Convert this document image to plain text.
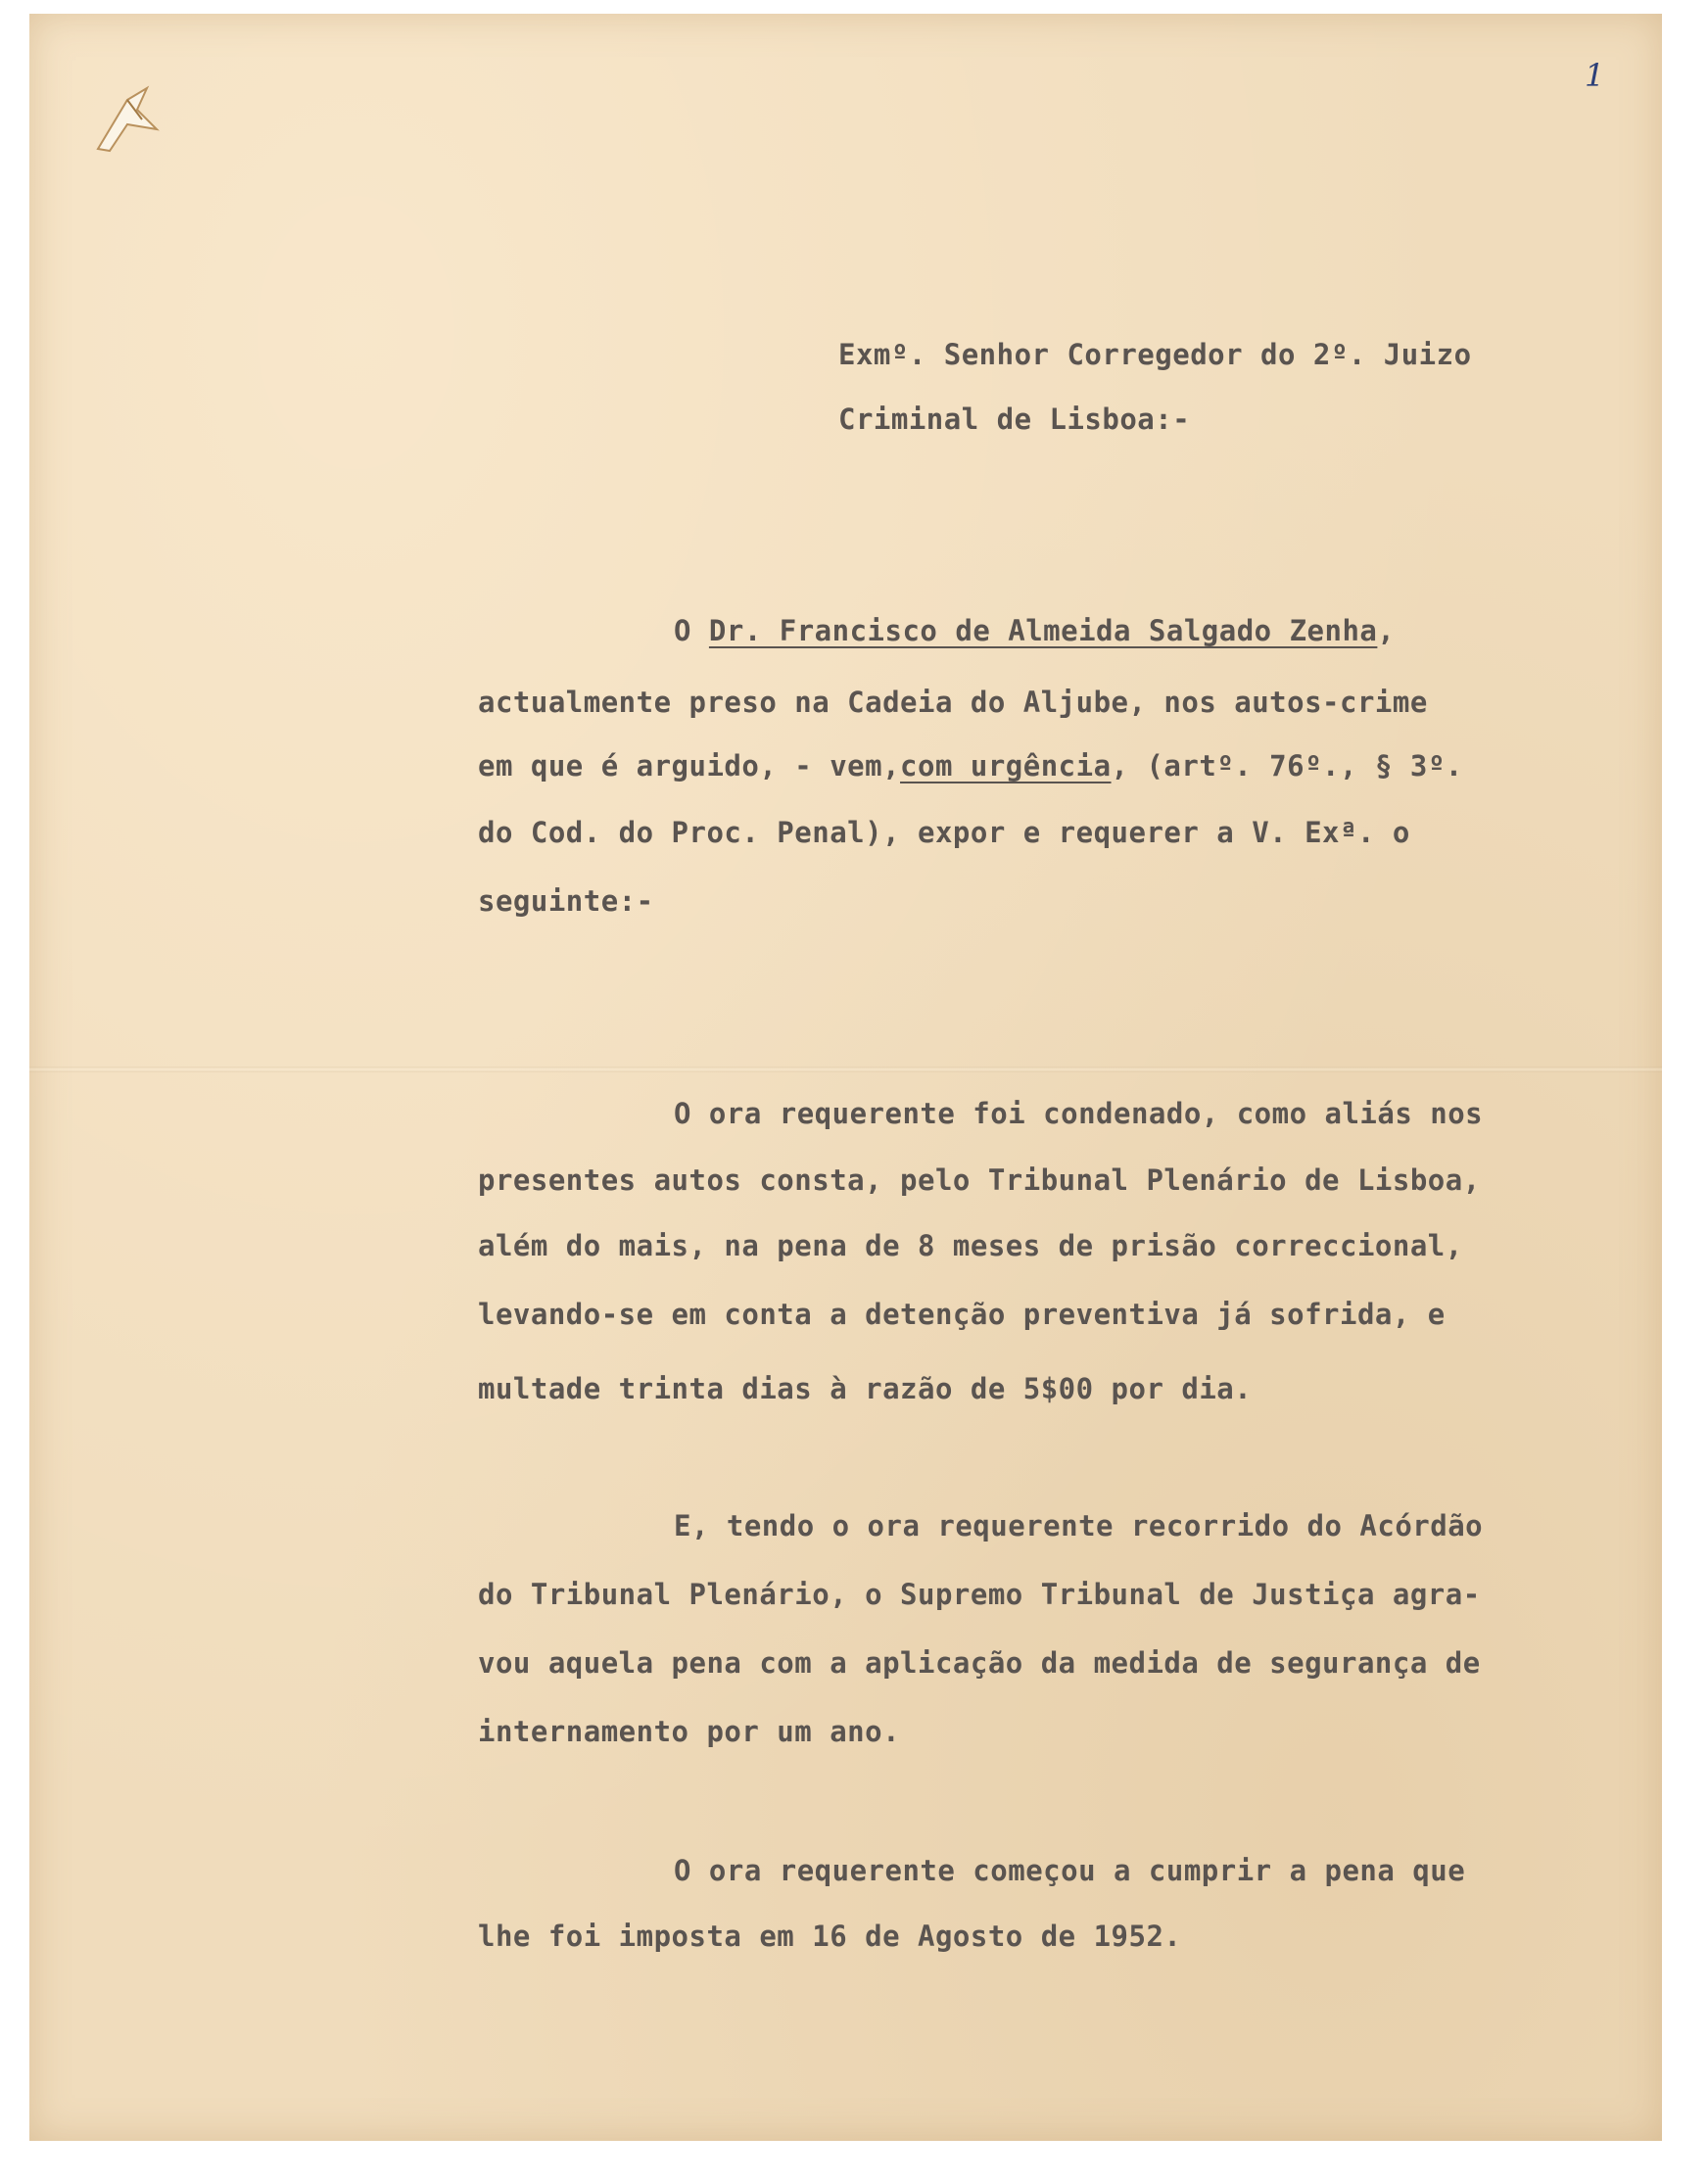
1

Exmº. Senhor Corregedor do 2º. Juizo

Criminal de Lisboa:-

O Dr. Francisco de Almeida Salgado Zenha,

actualmente preso na Cadeia do Aljube, nos autos-crime

em que é arguido, - vem,com urgência, (artº. 76º., § 3º.

do Cod. do Proc. Penal), expor e requerer a V. Exª. o

seguinte:-

O ora requerente foi condenado, como aliás nos

presentes autos consta, pelo Tribunal Plenário de Lisboa,

além do mais, na pena de 8 meses de prisão correccional,

levando-se em conta a detenção preventiva já sofrida, e

multade trinta dias à razão de 5$00 por dia.

E, tendo o ora requerente recorrido do Acórdão

do Tribunal Plenário, o Supremo Tribunal de Justiça agra-

vou aquela pena com a aplicação da medida de segurança de

internamento por um ano.

O ora requerente começou a cumprir a pena que

lhe foi imposta em 16 de Agosto de 1952.
